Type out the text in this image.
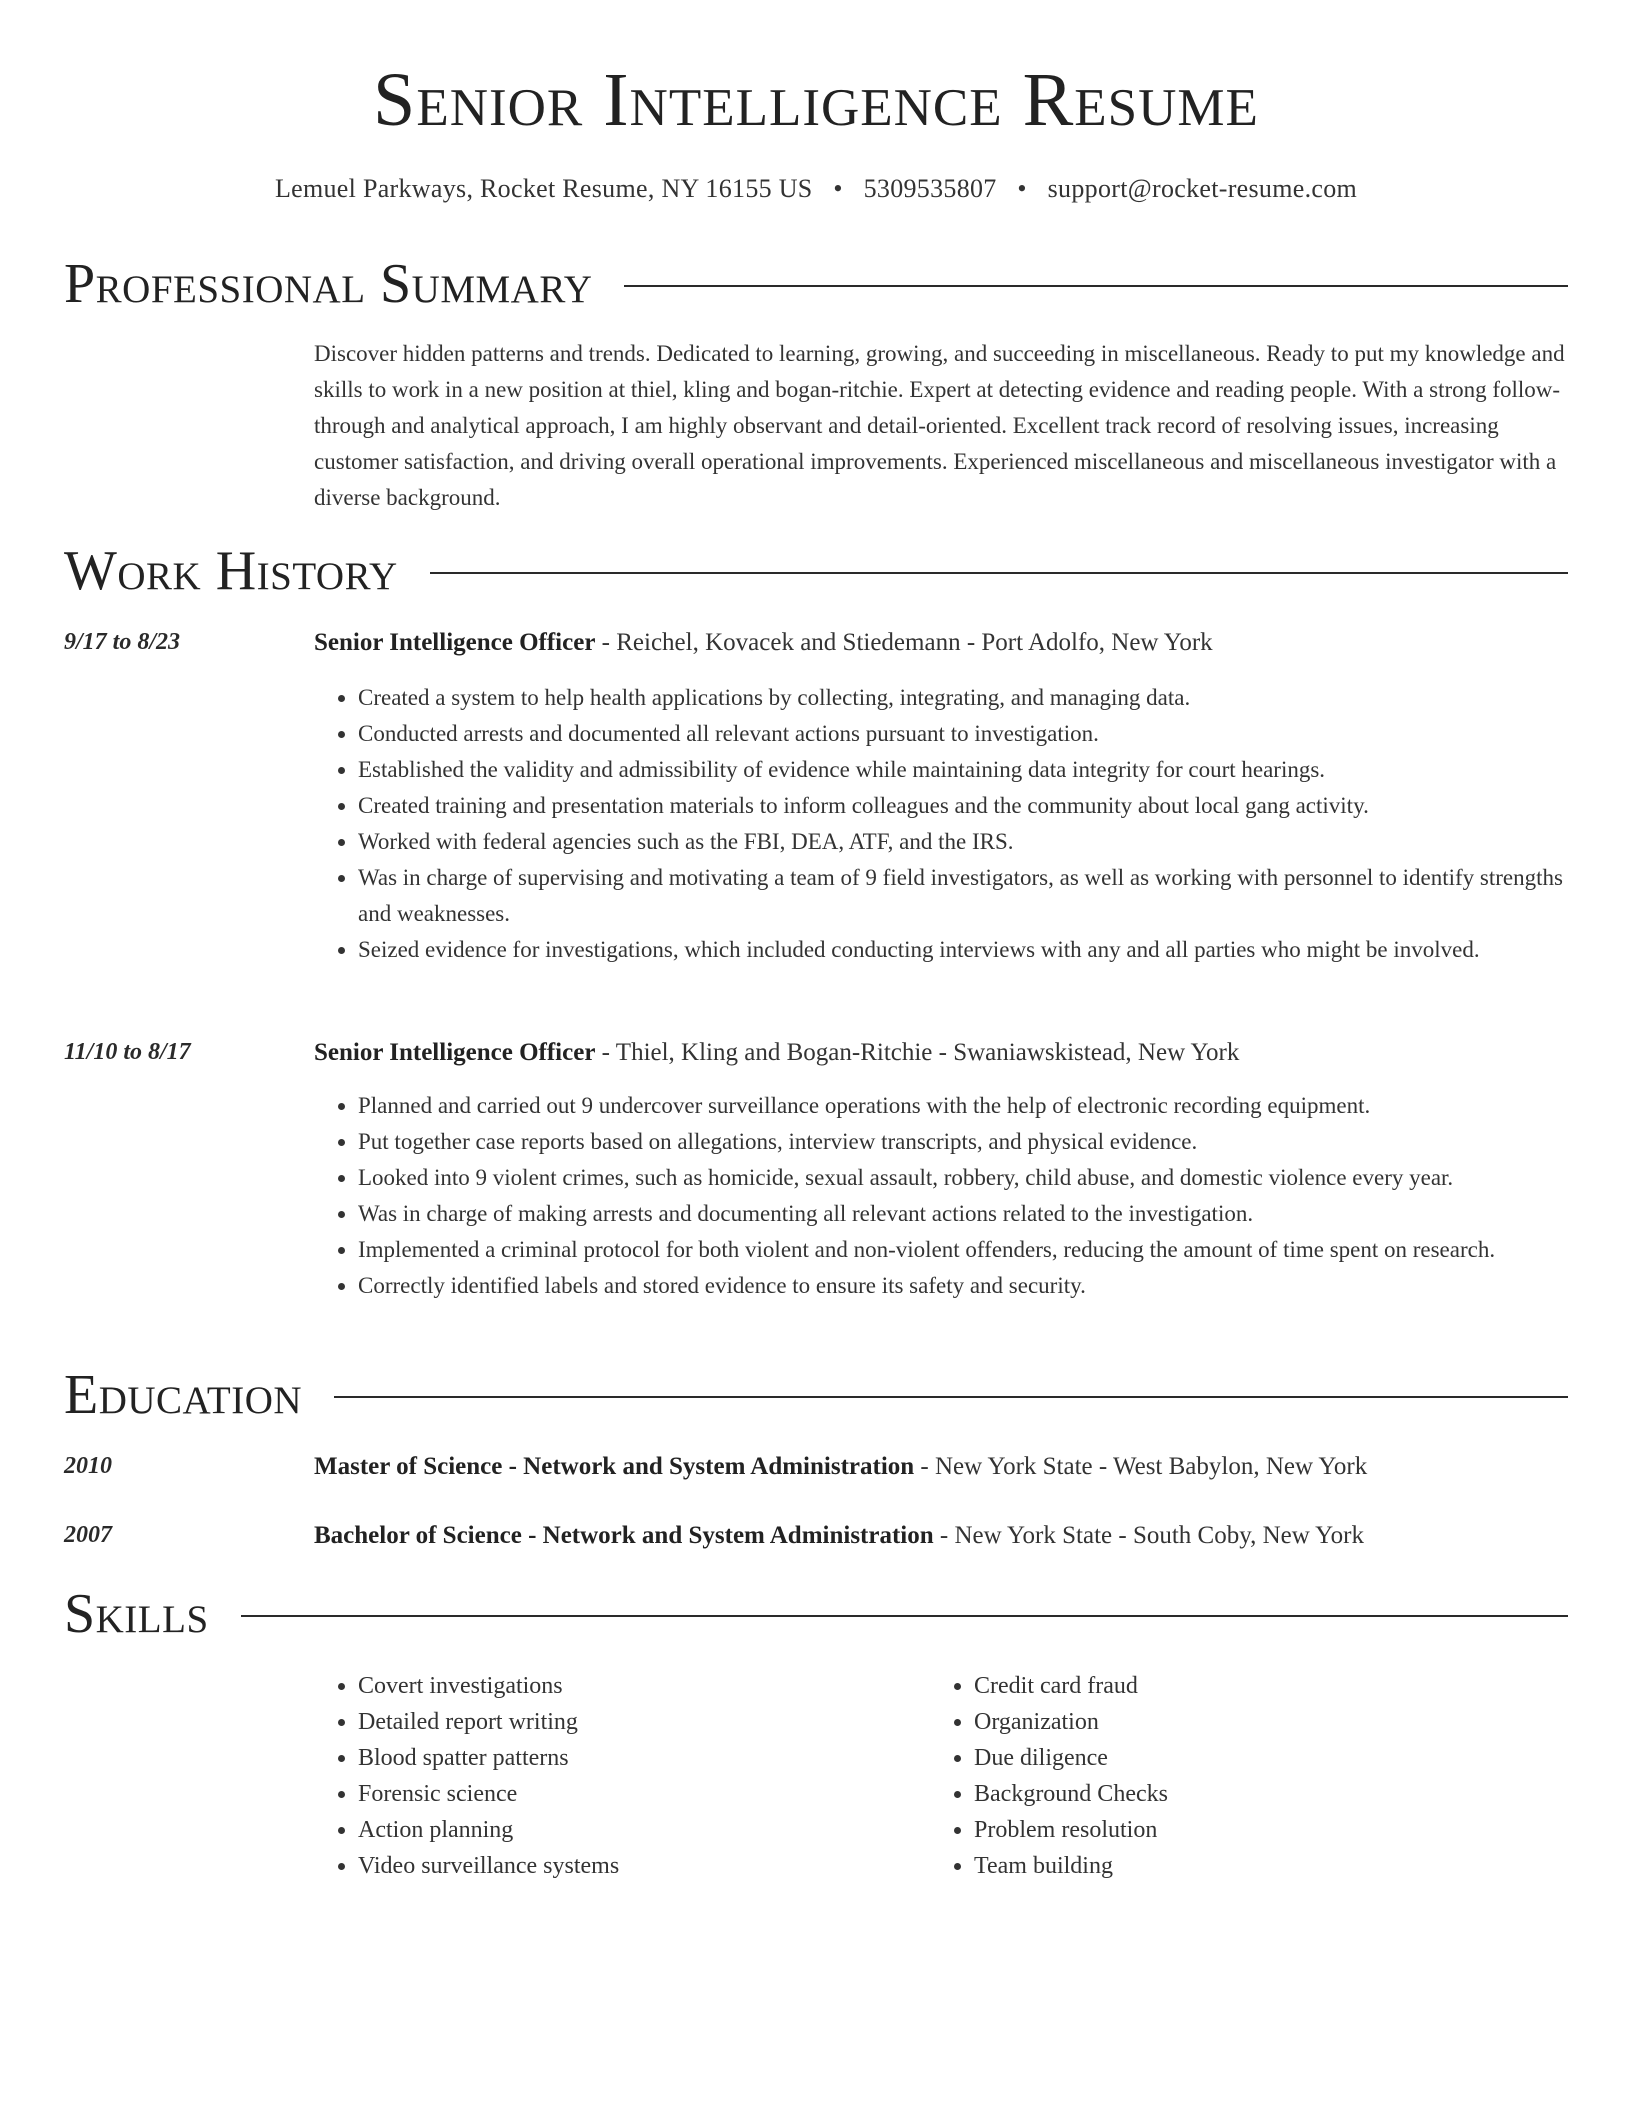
Senior Intelligence Resume
Lemuel Parkways, Rocket Resume, NY 16155 US • 5309535807 • support@rocket-resume.com
Professional Summary

Discover hidden patterns and trends. Dedicated to learning, growing, and succeeding in miscellaneous. Ready to put my knowledge and skills to work in a new position at thiel, kling and bogan-ritchie. Expert at detecting evidence and reading people. With a strong follow-through and analytical approach, I am highly observant and detail-oriented. Excellent track record of resolving issues, increasing customer satisfaction, and driving overall operational improvements. Experienced miscellaneous and miscellaneous investigator with a diverse background.

Work History
9/17 to 8/23	Senior Intelligence Officer - Reichel, Kovacek and Stiedemann - Port Adolfo, New York
• Created a system to help health applications by collecting, integrating, and managing data.
• Conducted arrests and documented all relevant actions pursuant to investigation.
• Established the validity and admissibility of evidence while maintaining data integrity for court hearings.
• Created training and presentation materials to inform colleagues and the community about local gang activity.
• Worked with federal agencies such as the FBI, DEA, ATF, and the IRS.
• Was in charge of supervising and motivating a team of 9 field investigators, as well as working with personnel to identify strengths and weaknesses.
• Seized evidence for investigations, which included conducting interviews with any and all parties who might be involved.
11/10 to 8/17	Senior Intelligence Officer - Thiel, Kling and Bogan-Ritchie - Swaniawskistead, New York
• Planned and carried out 9 undercover surveillance operations with the help of electronic recording equipment.
• Put together case reports based on allegations, interview transcripts, and physical evidence.
• Looked into 9 violent crimes, such as homicide, sexual assault, robbery, child abuse, and domestic violence every year.
• Was in charge of making arrests and documenting all relevant actions related to the investigation.
• Implemented a criminal protocol for both violent and non-violent offenders, reducing the amount of time spent on research.
• Correctly identified labels and stored evidence to ensure its safety and security.
Education
2010	Master of Science - Network and System Administration - New York State - West Babylon, New York
2007	Bachelor of Science - Network and System Administration - New York State - South Coby, New York
Skills
• Covert investigations
• Detailed report writing
• Blood spatter patterns
• Forensic science
• Action planning
• Video surveillance systems
• Credit card fraud
• Organization
• Due diligence
• Background Checks
• Problem resolution
• Team building
